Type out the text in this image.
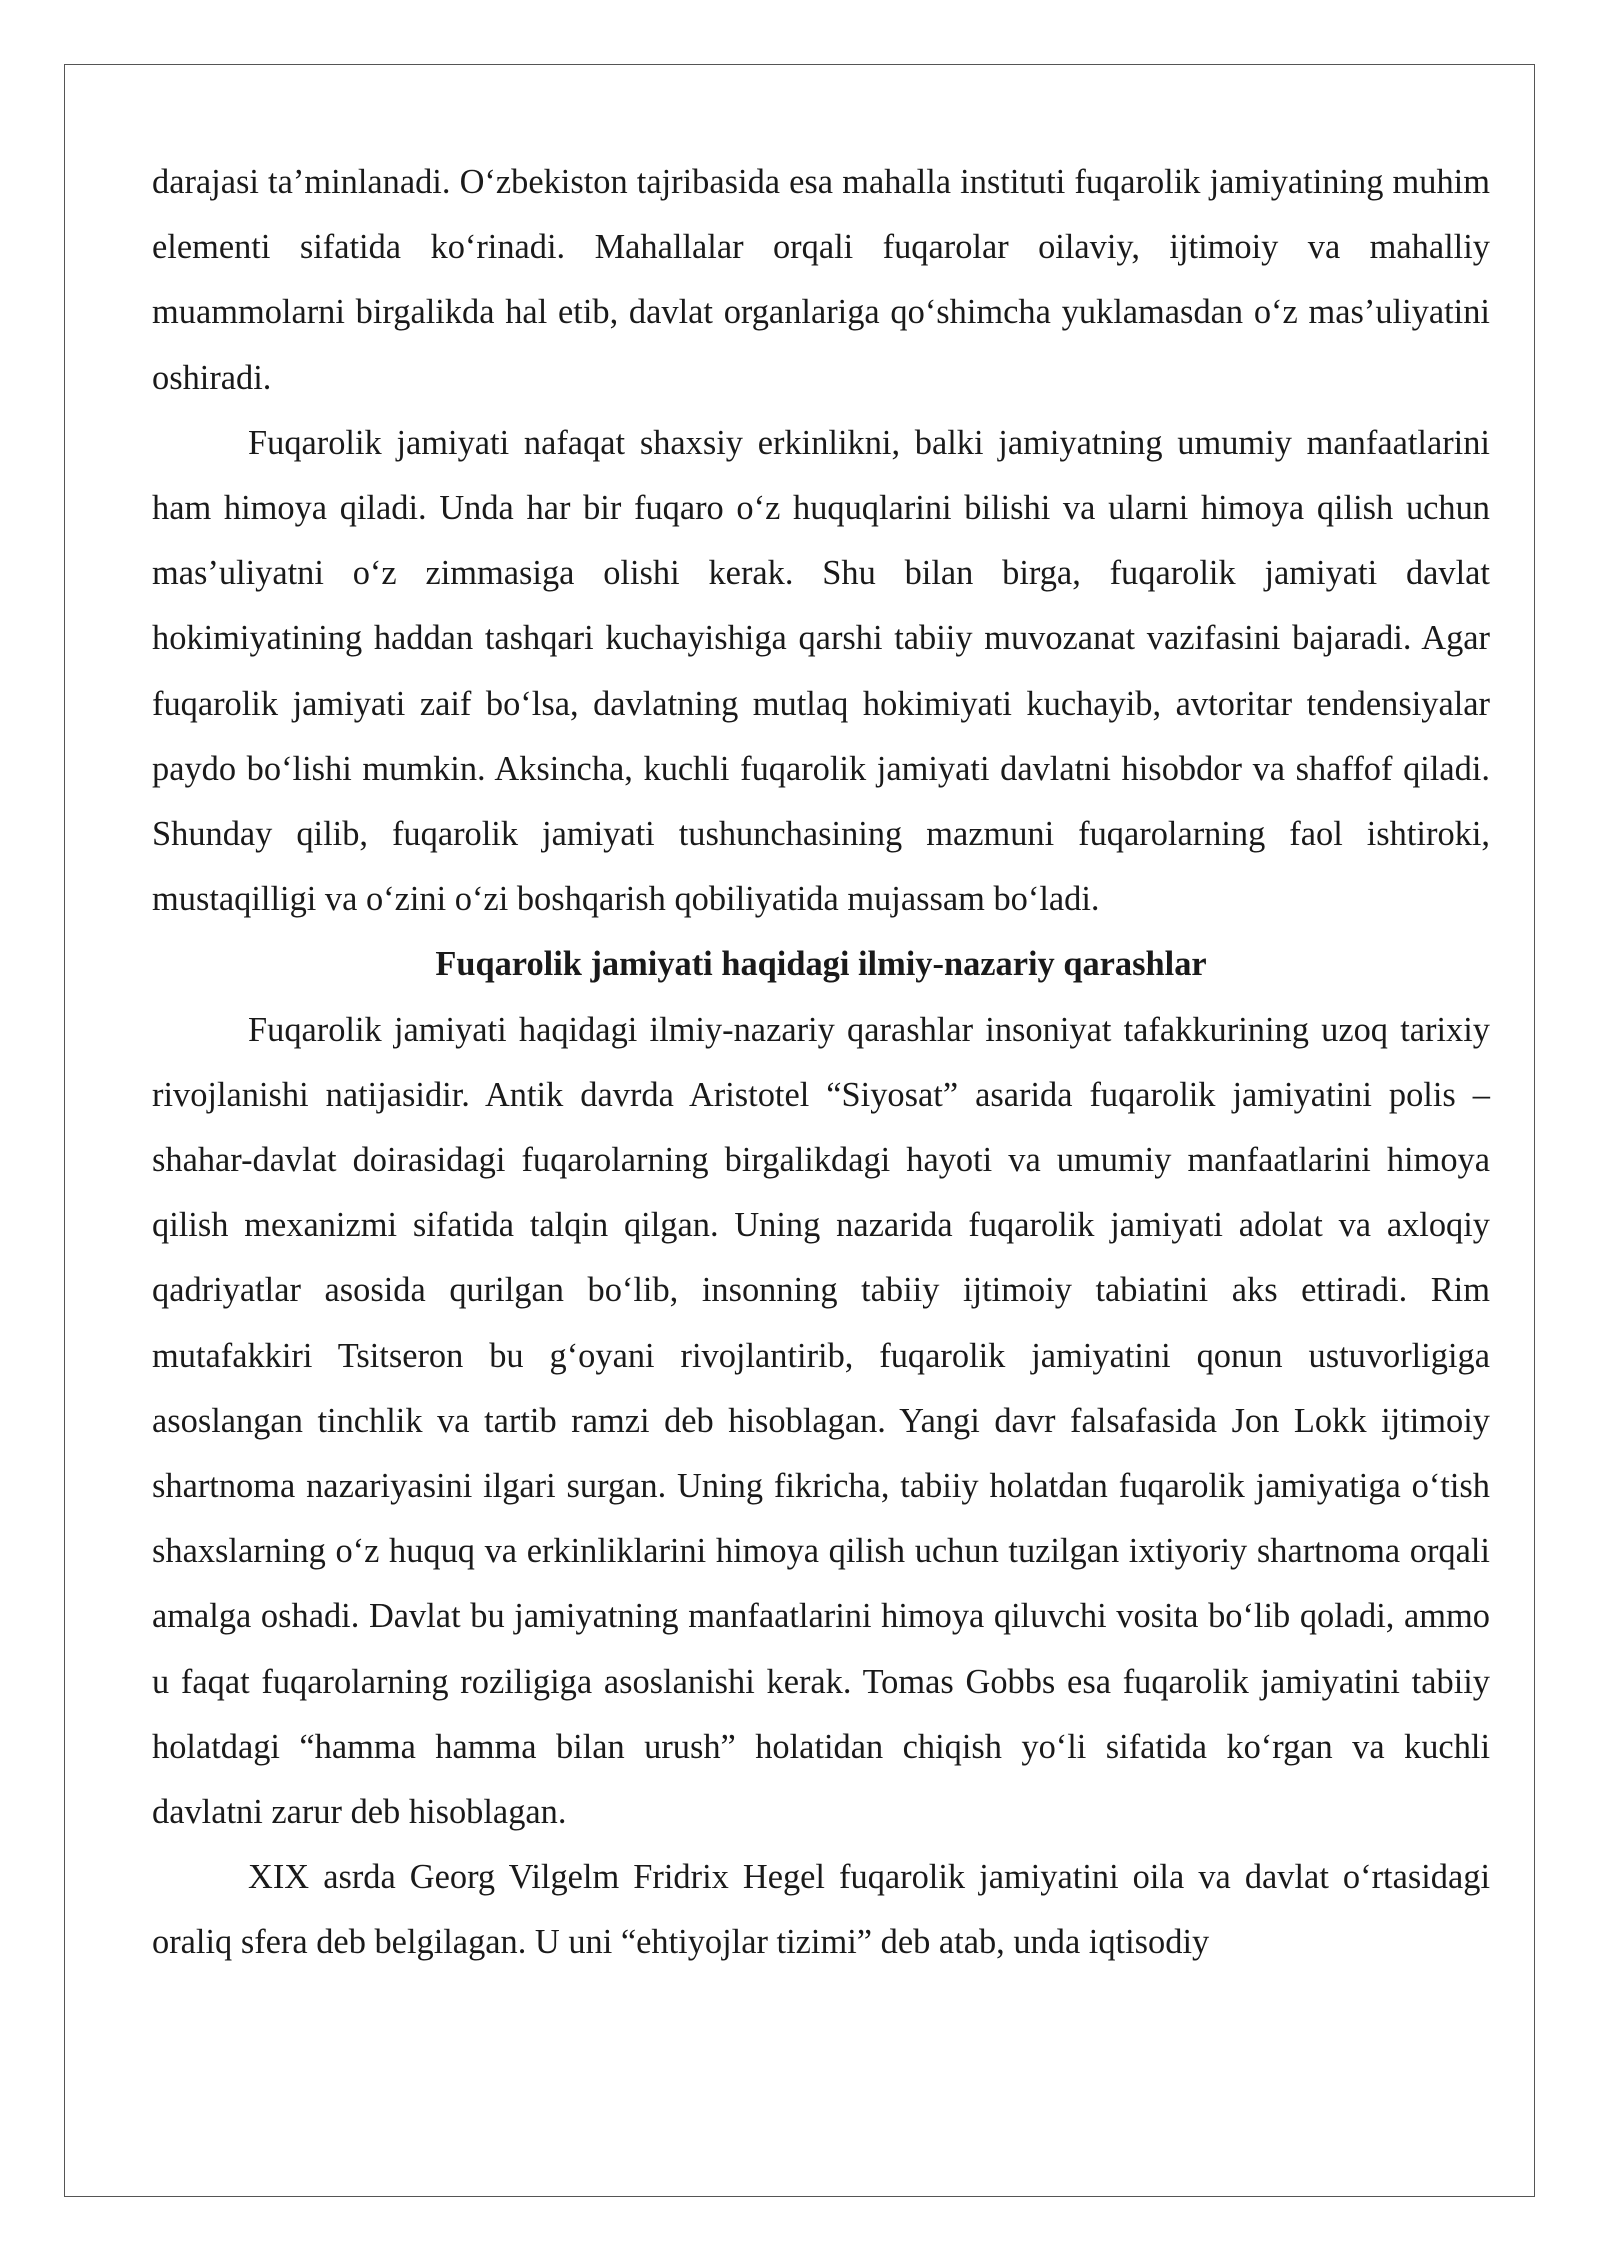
darajasi ta’minlanadi. O‘zbekiston tajribasida esa mahalla instituti fuqarolik jamiyatining muhim elementi sifatida ko‘rinadi. Mahallalar orqali fuqarolar oilaviy, ijtimoiy va mahalliy muammolarni birgalikda hal etib, davlat organlariga qo‘shimcha yuklamasdan o‘z mas’uliyatini oshiradi.

Fuqarolik jamiyati nafaqat shaxsiy erkinlikni, balki jamiyatning umumiy manfaatlarini ham himoya qiladi. Unda har bir fuqaro o‘z huquqlarini bilishi va ularni himoya qilish uchun mas’uliyatni o‘z zimmasiga olishi kerak. Shu bilan birga, fuqarolik jamiyati davlat hokimiyatining haddan tashqari kuchayishiga qarshi tabiiy muvozanat vazifasini bajaradi. Agar fuqarolik jamiyati zaif bo‘lsa, davlatning mutlaq hokimiyati kuchayib, avtoritar tendensiyalar paydo bo‘lishi mumkin. Aksincha, kuchli fuqarolik jamiyati davlatni hisobdor va shaffof qiladi. Shunday qilib, fuqarolik jamiyati tushunchasining mazmuni fuqarolarning faol ishtiroki, mustaqilligi va o‘zini o‘zi boshqarish qobiliyatida mujassam bo‘ladi.

Fuqarolik jamiyati haqidagi ilmiy-nazariy qarashlar

Fuqarolik jamiyati haqidagi ilmiy-nazariy qarashlar insoniyat tafakkurining uzoq tarixiy rivojlanishi natijasidir. Antik davrda Aristotel “Siyosat” asarida fuqarolik jamiyatini polis – shahar-davlat doirasidagi fuqarolarning birgalikdagi hayoti va umumiy manfaatlarini himoya qilish mexanizmi sifatida talqin qilgan. Uning nazarida fuqarolik jamiyati adolat va axloqiy qadriyatlar asosida qurilgan bo‘lib, insonning tabiiy ijtimoiy tabiatini aks ettiradi. Rim mutafakkiri Tsitseron bu g‘oyani rivojlantirib, fuqarolik jamiyatini qonun ustuvorligiga asoslangan tinchlik va tartib ramzi deb hisoblagan. Yangi davr falsafasida Jon Lokk ijtimoiy shartnoma nazariyasini ilgari surgan. Uning fikricha, tabiiy holatdan fuqarolik jamiyatiga o‘tish shaxslarning o‘z huquq va erkinliklarini himoya qilish uchun tuzilgan ixtiyoriy shartnoma orqali amalga oshadi. Davlat bu jamiyatning manfaatlarini himoya qiluvchi vosita bo‘lib qoladi, ammo u faqat fuqarolarning roziligiga asoslanishi kerak. Tomas Gobbs esa fuqarolik jamiyatini tabiiy holatdagi “hamma hamma bilan urush” holatidan chiqish yo‘li sifatida ko‘rgan va kuchli davlatni zarur deb hisoblagan.

XIX asrda Georg Vilgelm Fridrix Hegel fuqarolik jamiyatini oila va davlat o‘rtasidagi oraliq sfera deb belgilagan. U uni “ehtiyojlar tizimi” deb atab, unda iqtisodiy
